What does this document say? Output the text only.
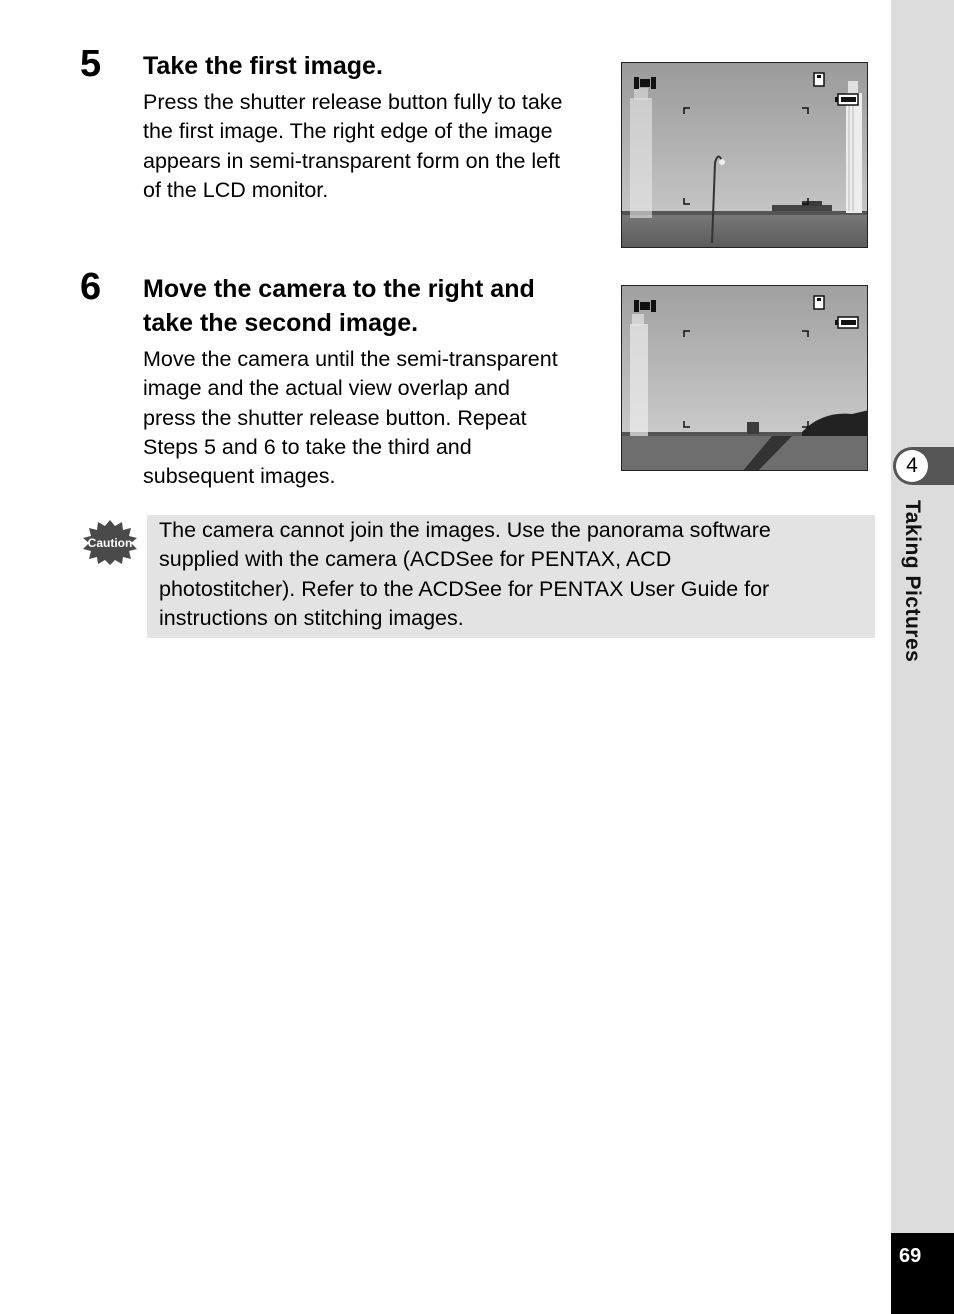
5 Take the first image.

Press the shutter release button fully to take
the first image. The right edge of the image
appears in semi-transparent form on the left
of the LCD monitor.

6 Move the camera to the right and
take the second image.

Move the camera until the semi-transparent
image and the actual view overlap and
press the shutter release button. Repeat
Steps 5 and 6 to take the third and
subsequent images.

Caution

The camera cannot join the images. Use the panorama software
supplied with the camera (ACDSee for PENTAX, ACD
photostitcher). Refer to the ACDSee for PENTAX User Guide for
instructions on stitching images.

4
Taking Pictures
69
